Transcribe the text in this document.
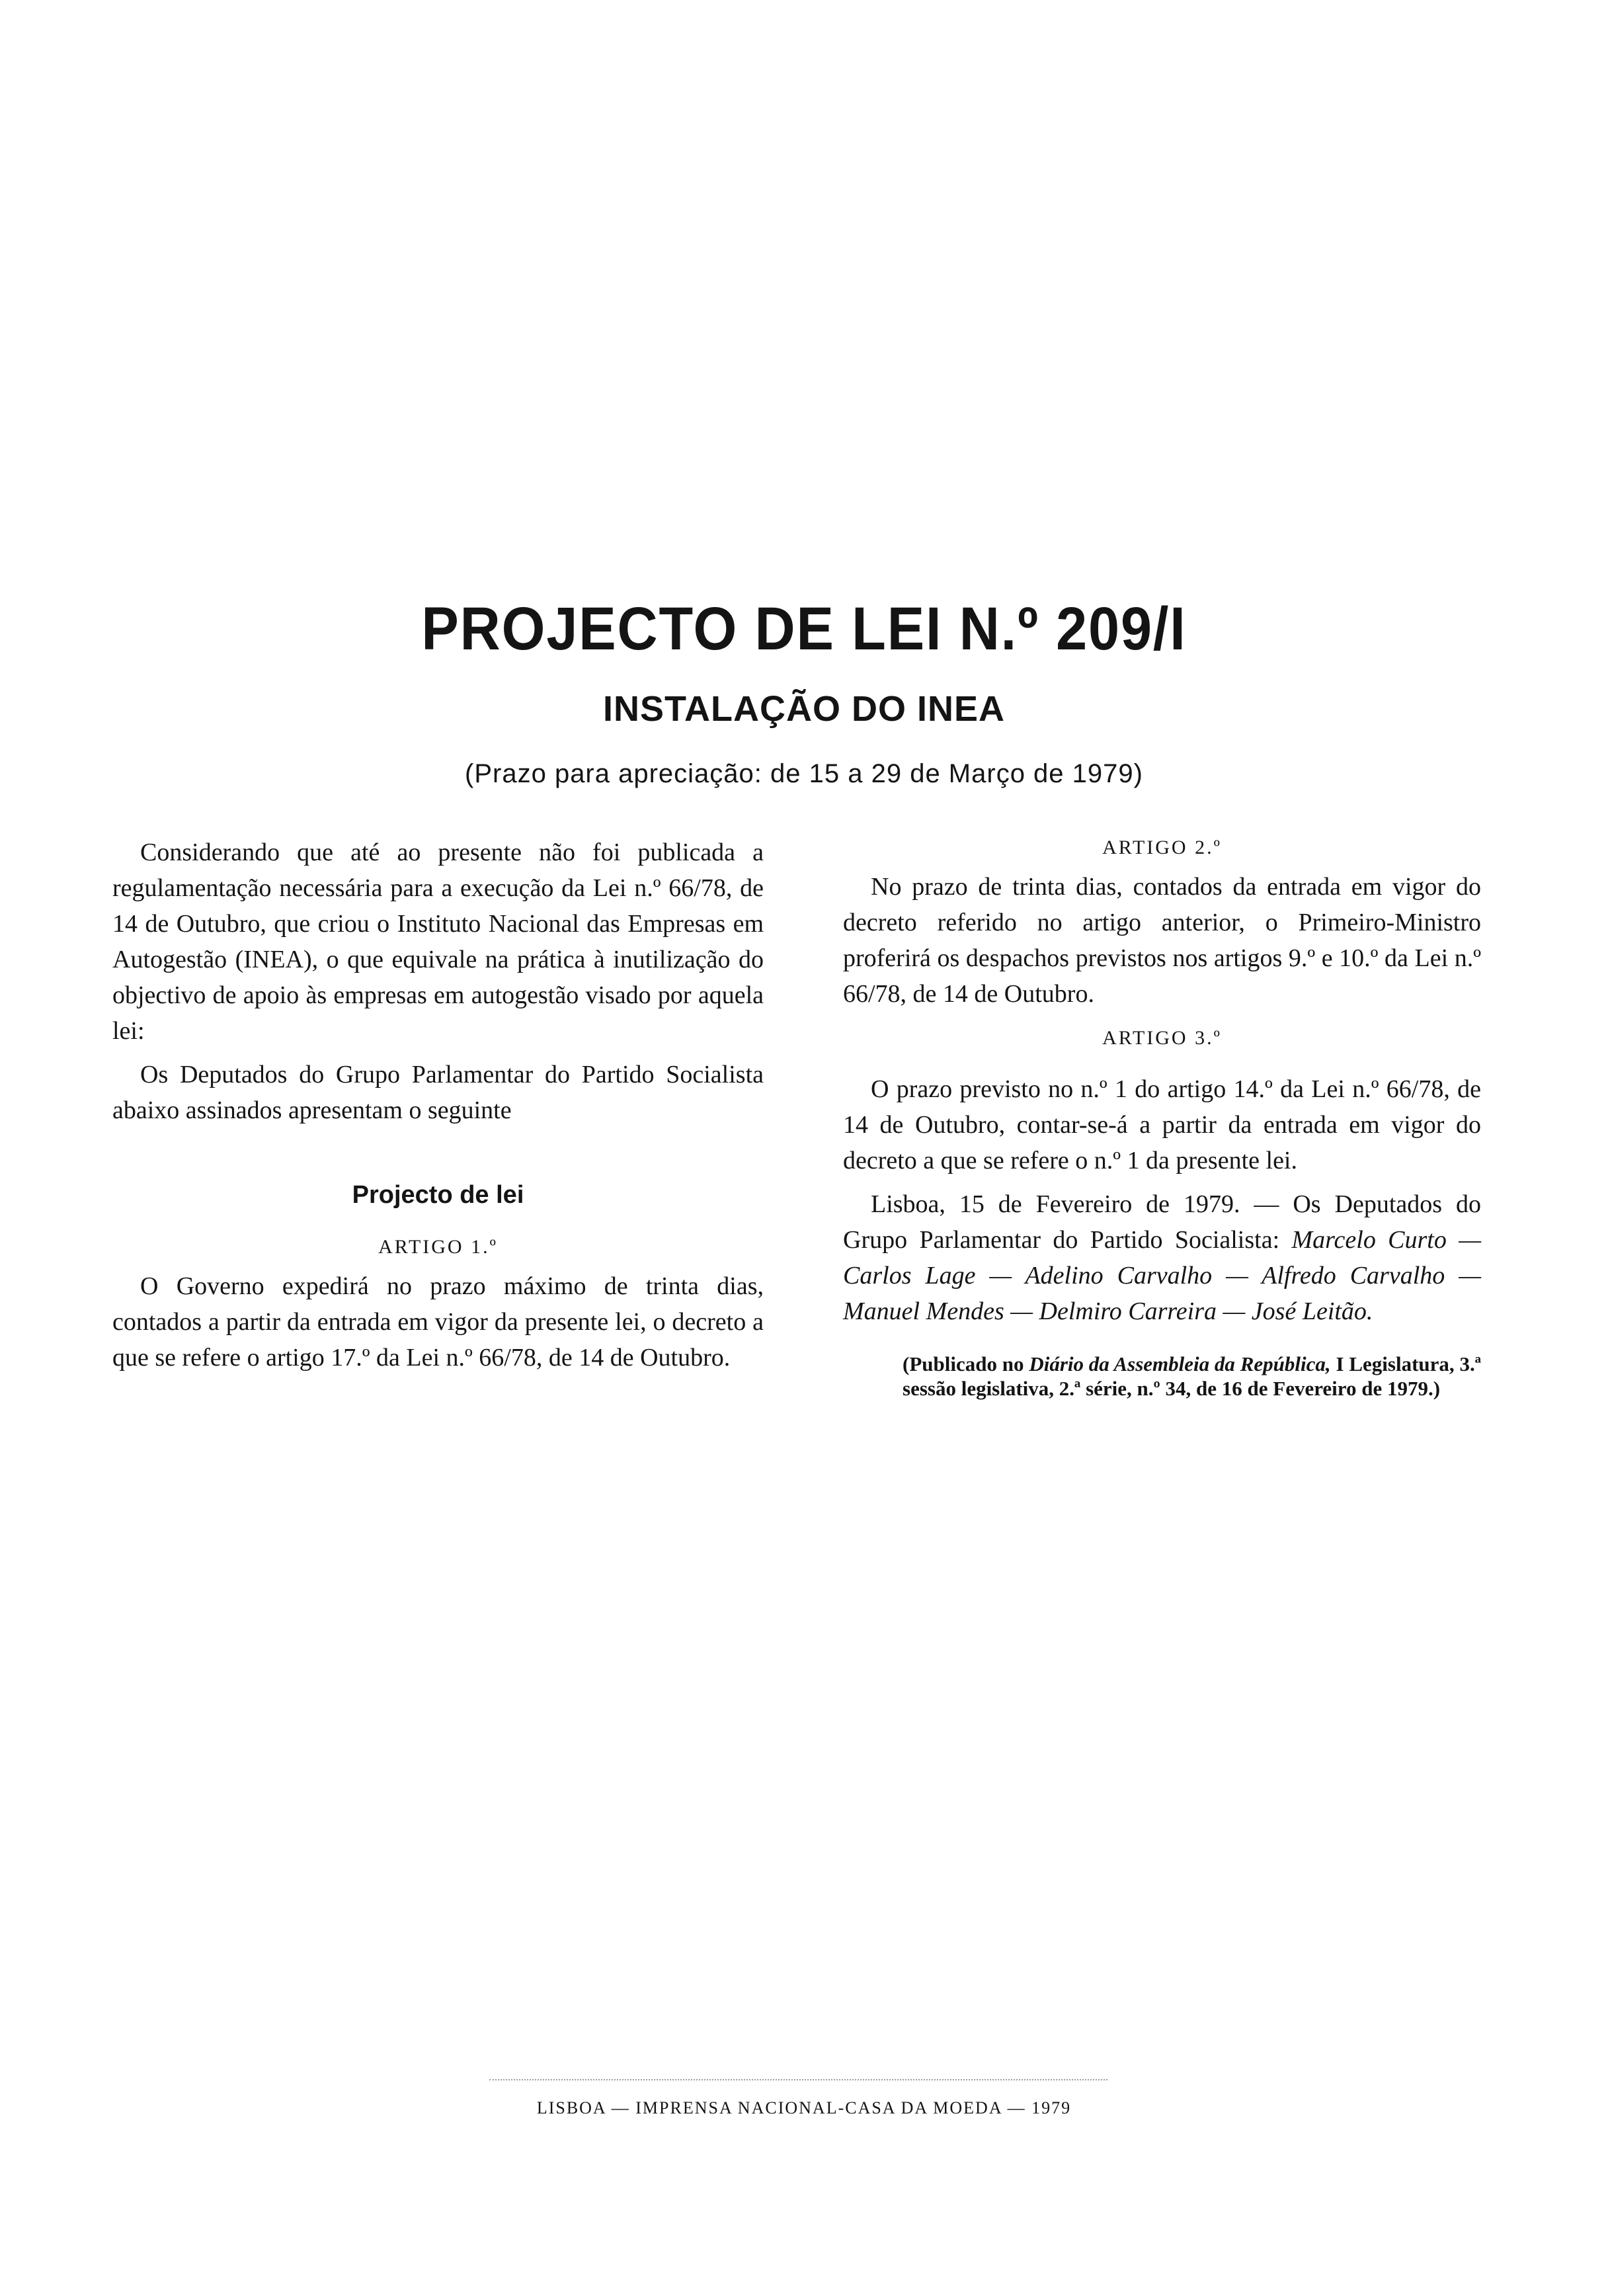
PROJECTO DE LEI N.º 209/I
INSTALAÇÃO DO INEA

(Prazo para apreciação: de 15 a 29 de Março de 1979)

Considerando que até ao presente não foi publicada a regulamentação necessária para a execução da Lei n.º 66/78, de 14 de Outubro, que criou o Instituto Nacional das Empresas em Autogestão (INEA), o que equivale na prática à inutilização do objectivo de apoio às empresas em autogestão visado por aquela lei:

Os Deputados do Grupo Parlamentar do Partido Socialista abaixo assinados apresentam o seguinte

Projecto de lei
ARTIGO 1.º

O Governo expedirá no prazo máximo de trinta dias, contados a partir da entrada em vigor da presente lei, o decreto a que se refere o artigo 17.º da Lei n.º 66/78, de 14 de Outubro.

ARTIGO 2.º

No prazo de trinta dias, contados da entrada em vigor do decreto referido no artigo anterior, o Primeiro-Ministro proferirá os despachos previstos nos artigos 9.º e 10.º da Lei n.º 66/78, de 14 de Outubro.

ARTIGO 3.º

O prazo previsto no n.º 1 do artigo 14.º da Lei n.º 66/78, de 14 de Outubro, contar-se-á a partir da entrada em vigor do decreto a que se refere o n.º 1 da presente lei.

Lisboa, 15 de Fevereiro de 1979. — Os Deputados do Grupo Parlamentar do Partido Socialista: Marcelo Curto — Carlos Lage — Adelino Carvalho — Alfredo Carvalho — Manuel Mendes — Delmiro Carreira — José Leitão.

(Publicado no Diário da Assembleia da República, I Legislatura, 3.ª sessão legislativa, 2.ª série, n.º 34, de 16 de Fevereiro de 1979.)

LISBOA — IMPRENSA NACIONAL-CASA DA MOEDA — 1979
